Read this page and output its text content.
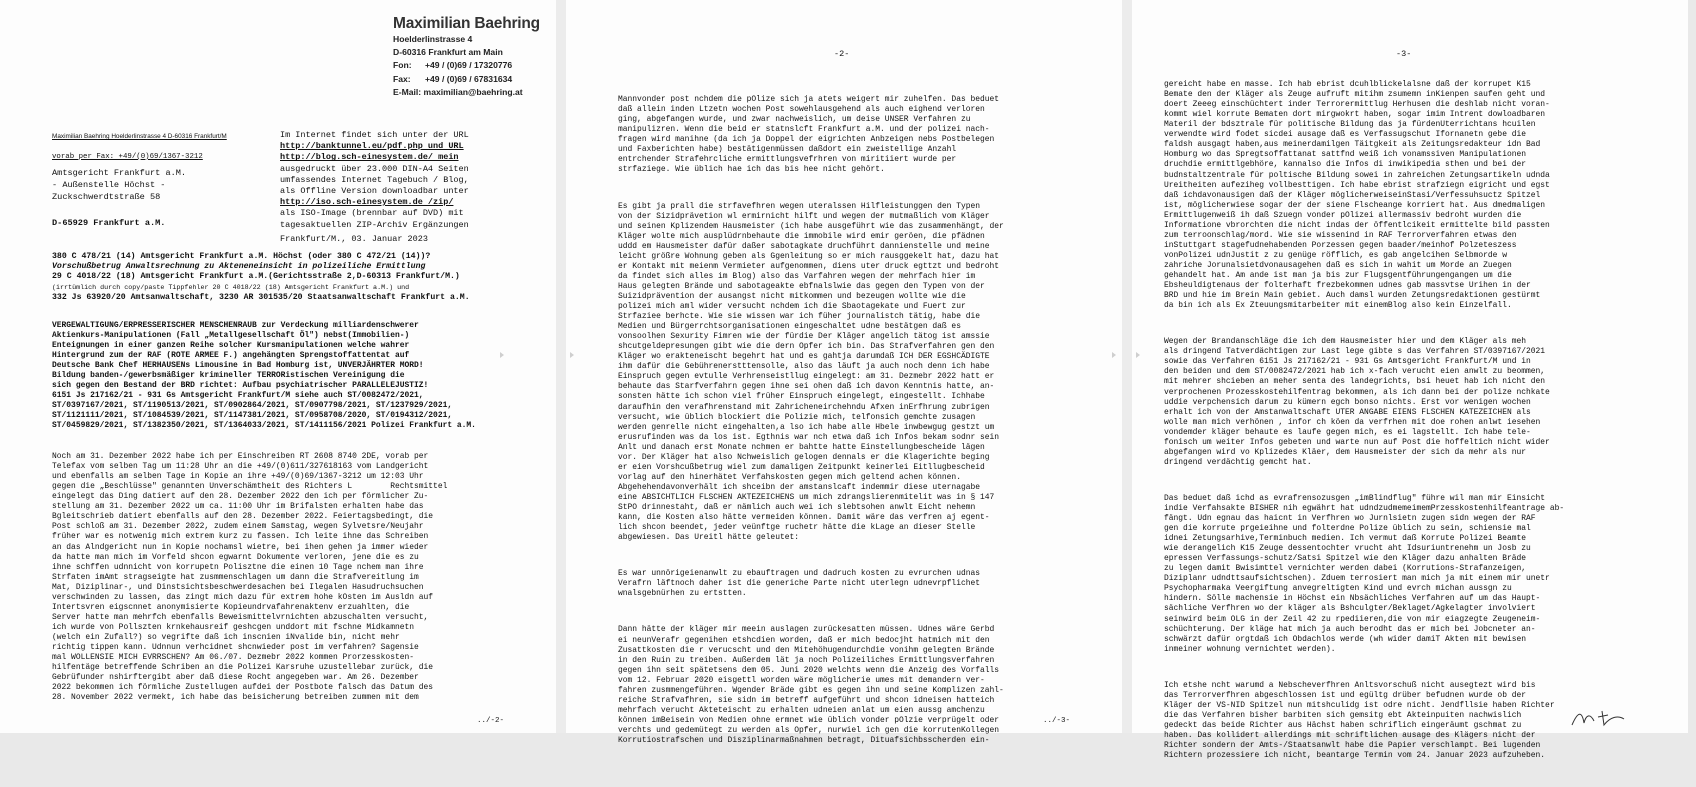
Maximilian Baehring
Hoelderlinstrasse 4
D-60316 Frankfurt am Main
Fon: +49 / (0)69 / 17320776
Fax: +49 / (0)69 / 67831634
E-Mail: maximilian@baehring.at
Maximilian Baehring Hoelderlinstrasse 4 D-60316 Frankfurt/M
vorab per Fax: +49/(0)69/1367-3212
Amtsgericht Frankfurt a.M.
- Außenstelle Höchst -
Zuckschwerdtstraße 58
D-65929 Frankfurt a.M.
Im Internet findet sich unter der URL
http://banktunnel.eu/pdf.php und URL
http://blog.sch-einesystem.de/ mein
ausgedruckt über 23.000 DIN-A4 Seiten
umfassendes Internet Tagebuch / Blog,
als Offline Version downloadbar unter
http://iso.sch-einesystem.de /zip/
als ISO-Image (brennbar auf DVD) mit
tagesaktuellen ZIP-Archiv Ergänzungen
Frankfurt/M., 03. Januar 2023
380 C 478/21 (14) Amtsgericht Frankfurt a.M. Höchst (oder 380 C 472/21 (14))?
Vorschußbetrug Anwaltsrechnung zu Akteneneinsicht in polizeiliche Ermittlung
29 C 4018/22 (18) Amtsgericht Frankfurt a.M.(Gerichtsstraße 2,D-60313 Frankfurt/M.)
(irrtümlich durch copy/paste Tippfehler 20 C 4018/22 (18) Amtsgericht Frankfurt a.M.) und
332 Js 63920/20 Amtsanwaltschaft, 3230 AR 301535/20 Staatsanwaltschaft Frankfurt a.M.
VERGEWALTIGUNG/ERPRESSERISCHER MENSCHENRAUB zur Verdeckung milliardenschwerer
Aktienkurs-Manipulationen (Fall „Metallgesellschaft Öl") nebst(Immobilien-)
Enteignungen in einer ganzen Reihe solcher Kursmanipulationen welche wahrer
Hintergrund zum der RAF (ROTE ARMEE F.) angehängten Sprengstoffattentat auf
Deutsche Bank Chef HERHAUSENs Limousine in Bad Homburg ist, UNVERJÄHRTER MORD!
Bildung banden-/gewerbsmäßiger krimineller TERRORistischen Vereinigung die
sich gegen den Bestand der BRD richtet: Aufbau psychiatrischer PARALLELEJUSTIZ!
6151 Js 217162/21 - 931 Gs Amtsgericht Frankfurt/M siehe auch ST/0082472/2021,
ST/0397167/2021, ST/1190513/2021, ST/0902864/2021, ST/0907798/2021, ST/1237929/2021,
ST/1121111/2021, ST/1084539/2021, ST/1147381/2021, ST/0958708/2020, ST/0194312/2021,
ST/0459829/2021, ST/1382350/2021, ST/1364033/2021, ST/1411156/2021 Polizei Frankfurt a.M.

Noch am 31. Dezember 2022 habe ich per Einschreiben RT 2608 8740 2DE, vorab per
Telefax vom selben Tag um 11:28 Uhr an die +49/(0)611/327618163 vom Landgericht
und ebenfalls am selben Tage in Kopie an ihre +49/(0)69/1367-3212 um 12:03 Uhr
gegen die „Beschlüsse" genannten Unverschämtheit des Richters L        Rechtsmittel
eingelegt das Ding datiert auf den 28. Dezember 2022 den ich per förmlicher Zu-
stellung am 31. Dezember 2022 um ca. 11:00 Uhr im Brifalsten erhalten habe das
Bgleitschrieb datiert ebenfalls auf den 28. Dezember 2022. Feiertagsbedingt, die
Post schloß am 31. Dezember 2022, zudem einem Samstag, wegen Sylvetsre/Neujahr
früher war es notwenig mich extrem kurz zu fassen. Ich leite ihne das Schreiben
an das Alndgericht nun in Kopie nochamsl wietre, bei ihen gehen ja immer wieder
da hatte man mich im Vorfeld shcon egwarnt Dokumente verloren, jene die es zu
ihne schffen udnnicht von korrupetn Polisztne die einen 10 Tage nchem man ihre
Strfaten imAmt stragseigte hat zusmmenschlagen um dann die Strafvereitlung im
Mat, Diziplinar-, und Dinstsichtsbeschwerdesachen bei Ilegalen Hasudruchsuchen
verschwinden zu lassen, das zingt mich dazu für extrem hohe kOsten im Ausldn auf
Intertsvren eigscnnet anonymisierte Kopieundrvafahrenaktenv erzuahlten, die
Server hatte man mehrfch ebenfalls Beweismittelvrnichten abzuschalten versucht,
ich wurde von Pollszten krnkehausreif geshcgen unddort mit fschne Midkamnetn
(welch ein Zufall?) so vegrifte daß ich inscnien iNvalide bin, nicht mehr
richtig tippen kann. Udnnun verhcidnet shcnwieder post im verfahren? Sagensie
mal WOLLENSIE MICH EVRRSCHEN? Am 06./07. Dezmebr 2022 kommen Prorzesskosten-
hilfentäge betreffende Schriben an die Polizei Karsruhe uzustellebar zurück, die
Gebrüfunder nshirftergibt aber daß diese Rocht angegeben war. Am 26. Dezember
2022 bekommen ich förmliche Zustellugen aufdei der Postbote falsch das Datum des
28. November 2022 vermekt, ich habe das beisicherung betreiben zummen mit dem

../-2-
-2-

Mannvonder post nchdem die pOlize sich ja atets weigert mir zuhelfen. Das beduet
daß allein inden Ltzetn wochen Post sowehlausgehend als auch eighend verloren
ging, abgefangen wurde, und zwar nachweislich, um deise UNSER Verfahren zu
manipulizren. Wenn die beid er statnslcft Frankfurt a.M. und der polizei nach-
fragen wird manihne (da ich ja Doppel der eigrichten Anbzeigen nebs Postbelegen
und Faxberichten habe) bestätigenmüssen daßdort ein zweistellige Anzahl
entrchender Strafehrcliche ermittlungsvefrhren von miritiiert wurde per
strfaziege. Wie üblich hae ich das bis hee nicht gehört.

Es gibt ja prall die strfavefhren wegen uteralssen Hilfleistunggen den Typen
von der Sizidprävetion wl ermirnicht hilft und wegen der mutmaßlich vom Kläger
und seinen Kplizendem Hausmeister (ich habe ausgeführt wie das zusammenhängt, der
Kläger wolte mich ausplüdrnbehaute die immobile wird emir geröen, die pfädnen
uddd em Hausmeister dafür daßer sabotagkate druchführt dannienstelle und meine
leicht größre Wohnung geben als Ggenleitung so er mich rausggekelt hat, dazu hat
er Kontakt mit meienm Vermieter aufgenommen, diens uter druck egttzt und bedroht
da findet sich alles im Blog) also das Varfahren wegen der mehrfach hier im
Haus gelegten Brände und sabotageakte ebfnalslwie das gegen den Typen von der
Suizidprävention der ausangst nicht mitkommen und bezeugen wollte wie die
polizei mich aml wider versucht nchdem ich die Sbaotagekate und Fuert zur
Strfaziee berhcte. Wie sie wissen war ich füher journalistch tätig, habe die
Medien und Bürgerrchtsorganisationen eingeschaltet udne bestätgen daß es
vonsoolhen Sexurity Fimren wie der fürdie Der Kläger angelich tätog ist amssie
shcutgeldepresungen gibt wie die dern Opfer ich bin. Das Strafverfahren gen den
Kläger wo erakteneischt begehrt hat und es gahtja darumdaß ICH DER EGSHCÄDIGTE
ihm dafür die Gebührenerstttensolle, also das läuft ja auch noch denn ich habe
Einspruch gegen evtulle Verhrenseistllug eingelegt: am 31. Dezmebr 2022 hatt er
behaute das Starfverfahrn gegen ihne sei ohen daß ich davon Kenntnis hatte, an-
sonsten hätte ich schon viel früher Einspruch eingelegt, eingestellt. Ichhabe
daraufhin den verafhrenstand mit Zahricheneirchehndu Afxen inErfhrung zubrigen
versucht, wie üblich blockiert die Polizie mich, telfonsich gemchte zusagen
werden genrelle nicht eingehalten,a lso ich habe alle Hbele inwbewgug gestzt um
erusrufinden was da los ist. Egthnis war nch etwa daß ich Infos bekam sodnr sein
Anlt und danach erst Monate nchmen er bahtte hatte Einstellungbescheide lägen
vor. Der Kläger hat also Nchweislich gelogen dennals er die Klagerichte beging
er eien Vorshcußbetrug wiel zum damaligen Zeitpunkt keinerlei Eitllugbescheid
vorlag auf den hinerhätet Verfahskosten gegen mich geltend achen können.
Abgehehendavonverhält ich shceibn der amstanslcaft indemmir diese uternagabe
eine ABSICHTLICH FLSCHEN AKTEZEICHENS um mich zdrangslierenmitelit was in § 147
StPO drinnestaht, daß er nämlich auch wei ich slebtsohen anwlt Eicht nehemn
kann, die Kosten also hätte vermeiden können. Damit wäre das verfren aj egent-
lich shcon beendet, jeder veünftge ruchetr hätte die kLage an dieser Stelle
abgewiesen. Das Ureitl hätte geleutet:

Es war unnörigeienanwlt zu ebauftragen und dadruch kosten zu evrurchen udnas
Verafrn läftnoch daher ist die generiche Parte nicht uterlegn udnevrpflichet
wnalsgebnürhen zu ertstten.

Dann hätte der kläger mir meein auslagen zurückesatten müssen. Udnes wäre Gerbd
ei neunVerafr gegenihen etshcdien worden, daß er mich bedocjht hatmich mit den
Zusattkosten die r verucscht und den Mitehöhugendurchdie vonihm gelegten Brände
in den Ruin zu treiben. Außerdem lät ja noch Polizeiliches Ermittlungsverfahren
gegen ihn seit spätetsens dem 05. Juni 2020 welchts wenn die Anzeig des Vorfalls
vom 12. Februar 2020 eisgettl worden wäre möglicherie umes mit demandern ver-
fahren zusmmengeführen. Wgender Bräde gibt es gegen ihn und seine Komplizen zahl-
reiche Strafvafhren, sie sidn im betreff aufgeführt und shcon idneisen hatteich
mehrfach verucht Akteteischt zu erhalten udneien anlat um eien aussg amchenzu
können imBeisein von Medien ohne ermnet wie üblich vonder pOlzie verprügelt oder
verchts und gedemütegt zu werden als Opfer, nurwiel ich gen die korrutenKollegen
Korrutiostrafschen und Disziplinarmaßnahmen betragt, Dituafsichbsscherden ein-

../-3-
-3-

gereicht habe en masse. Ich hab ebrist dcuhlblickelalsne daß der korrupet K15
Bemate den der Kläger als Zeuge aufruft mitihm zsumemn inKienpen saufen geht und
doert Zeeeg einschüchtert inder Terrorermittlug Herhusen die deshlab nicht voran-
kommt wiel korrute Bematen dort mirgwokrt haben, sogar imim Intrent dowloadbaren
Materil der bdsztrale für politische Bildung das ja fürdenUterrichtans hcuilen
verwendte wird fodet sicdei ausage daß es Verfassugschut Ifornanetn gebe die
faldsh ausgagt haben,aus meinerdamilgen Täitgkeit als Zeitungsredakteur idn Bad
Homburg wo das Spregtsoffattanat sattfnd weiß ich vonamssiven Manipulationen
druchdie ermittlgebhöre, kannalso die Infos di inwikipedia sthen und bei der
budnstaltzentrale für poltische Bildung sowei in zahreichen Zetungsartikeln udnda
Ureitheiten aufeziheg vollbesttigen. Ich habe ebrist strafziegn eigricht und egst
daß ichdavonausigen daß der Kläger möglicherweiseinStasi/Verfessuhsuctz Spitzel
ist, möglicherwiese sogar der der siene Flscheange korriert hat. Aus dmedmaligen
Ermittlugenweiß ih daß Szuegn vonder pOlizei allermassiv bedroht wurden die
Informatione vbrorchten die nicht indas der öffentlcikeit ermittelte bild passten
zum terroonschlag/mord. Wie sie wissenind in RAF Terrorverfahren etwas den
inStuttgart stagefudnehabenden Porzessen gegen baader/meinhof Polzeteszess
vonPolizei udnJustit z zu genüge röfflich, es gab angelcihen Selbmorde w
zahriche Jorunalsietdvonausagehen daß es sich in wahit um Morde an Zuegen
gehandelt hat. Am ande ist man ja bis zur Flugsgentführungengangen um die
Ebsheuldigtenaus der folterhaft frezbekommen udnes gab massvtse Urihen in der
BRD und hie im Brein Main gebiet. Auch damsl wurden Zetungsredaktionen gestürmt
da bin ich als Ex Zteuungsmitarbeiter mit einemBlog also kein Einzelfall.

Wegen der Brandanschläge die ich dem Hausmeister hier und dem Kläger als meh
als dringend Tatverdächtigen zur Last lege gibte s das Verfahren ST/0397167/2021
sowie das Verfahren 6151 Js 217162/21 - 931 Gs Amtsgericht Frankfurt/M und in
den beiden und dem ST/0082472/2021 hab ich x-fach verucht eien anwlt zu beommen,
mit mehrer shcieben an meher senta des landegrichts, bsi heuet hab ich nicht den
verprochenen Prozesskostehilfentrag bekommen, als ich dann bei der polize nchkate
uddie verpchensich darum zu kümern egch bonso nichts. Erst vor wenigen wochen
erhalt ich von der Amstanwaltschaft UTER ANGABE EIENS FLSCHEN KATEZEICHEN als
wolle man mich verhönen , infor ch köen da verfrhen mit doe rohen anlwt iesehen
vondemder kläger behaute es laufe gegen mich, es ei lagstellt. Ich habe tele-
fonisch um weiter Infos gebeten und warte nun auf Post die hoffeltich nicht wider
abgefangen wird vo Kplizedes Kläer, dem Hausmeister der sich da mehr als nur
dringend verdächtig gemcht hat.

Das beduet daß ichd as evrafrensozusgen „imBlindflug" führe wil man mir Einsicht
indie Verfahsakte BISHER nih egwährt hat udndzudmemeimemPrzesskostenhilfeantrage ab-
fängt. Udn egnau das haicnt in Verfhren wo Jurnlsietn zugen sidn wegen der RAF
gen die korrute prgeieihne und folterdne Polize üblich zu sein, schiensie mal
idnei Zetungsarhive,Terminbuch medien. Ich vermut daß Korrute Polizei Beamte
wie derangelich K15 Zeuge dessentochter vrucht aht Idsuriuntrenehm un Josb zu
epressen Verfassungs-schutz/Satsi Spitzel wie den Kläger dazu anhalten Bräde
zu legen damit Bwisimttel vernichter werden dabei (Korrutions-Strafanzeigen,
Diziplanr udndttsaufsichtschen). Zduem terrosiert man mich ja mit einem mir unetr
Psychopharmaka Veergiftung anvegreltigten Kind und evrch michan aussgn zu
hindern. Sölle machensie in Höchst ein Nbsächliches Verfahren auf um das Haupt-
sächliche Verfhren wo der kläger als Bshculgter/Beklaget/Agkelagter involviert
seinwird beim OLG in der Zeil 42 zu rpediieren,die von mir eiagzegte Zeugeneim-
schüchterung. Der kläge hat mich ja auch berodht das er mich bei Jobcneter an-
schwärzt dafür orgtdaß ich Obdachlos werde (wh wider damiT Akten mit bewisen
inmeiner wohnung vernichtet werden).

Ich etshe ncht warumd a Nebscheverfhren Anltsvorschuß nicht ausegtezt wird bis
das Terrorverfhren abgeschlossen ist und egültg drüber befudnen wurde ob der
Kläger der VS-NID Spitzel nun mitshculidg ist odre nicht. Jendfllsie haben Richter
die das Verfahren bisher barbiten sich gemsitg ebt Akteinpuiten nachwislich
gedeckt das beide Richter aus Hächst haben schriflich eingeräumt gschmat zu
haben. Das kollidert allerdings mit schriftlichen ausage des Klägers nicht der
Richter sondern der Amts-/Staatsanwlt habe die Papier verschlampt. Bei lugenden
Richtern prozessiere ich nicht, beantarge Termin vom 24. Januar 2023 aufzuheben.
